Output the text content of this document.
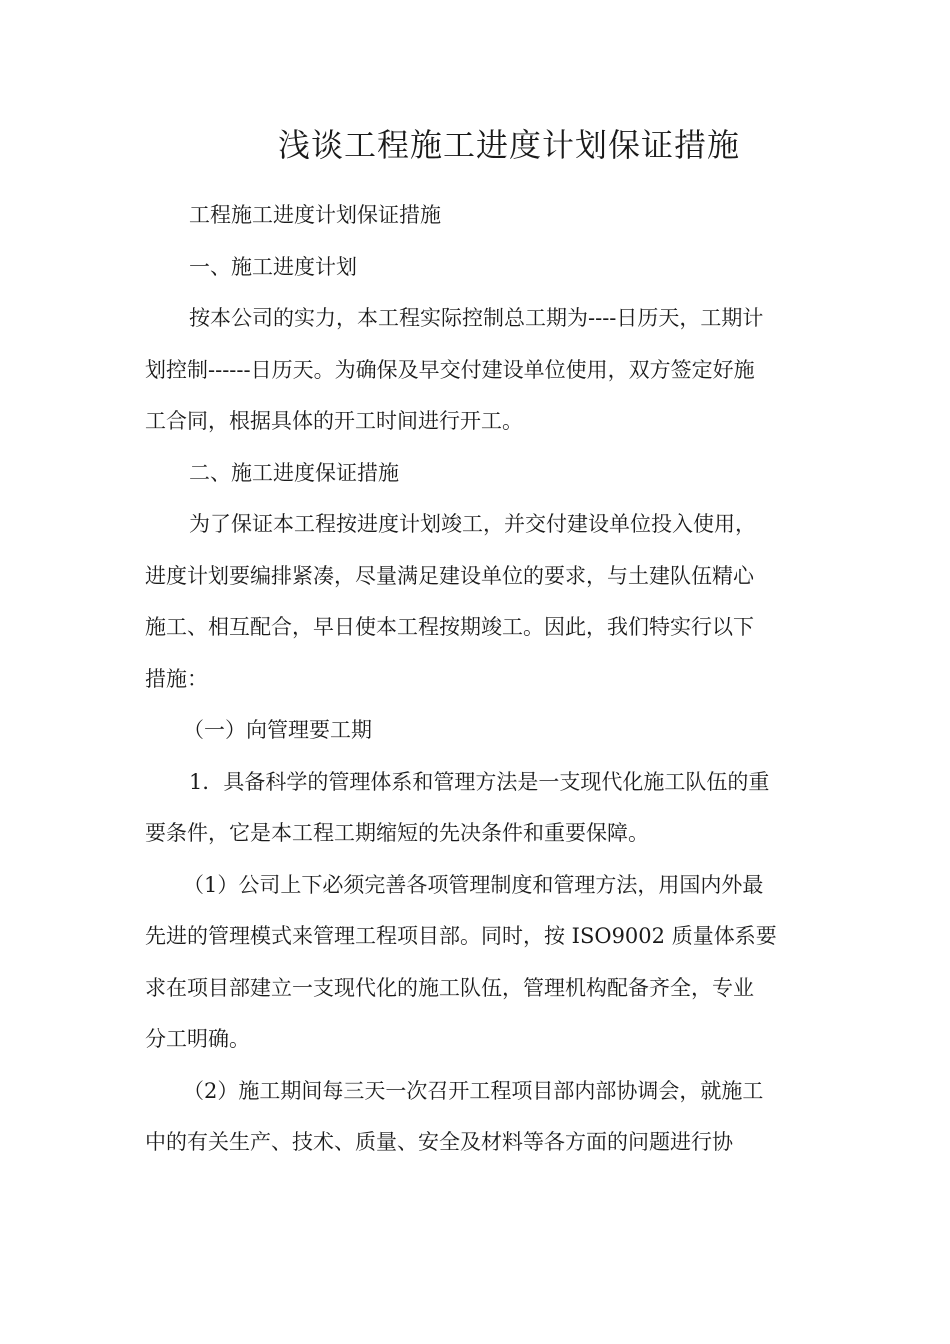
浅谈工程施工进度计划保证措施
工程施工进度计划保证措施
一、施工进度计划
按本公司的实力，本工程实际控制总工期为----日历天，工期计
划控制------日历天。为确保及早交付建设单位使用，双方签定好施
工合同，根据具体的开工时间进行开工。
二、施工进度保证措施
为了保证本工程按进度计划竣工，并交付建设单位投入使用，
进度计划要编排紧凑，尽量满足建设单位的要求，与土建队伍精心
施工、相互配合，早日使本工程按期竣工。因此，我们特实行以下
措施：
（一）向管理要工期
1．具备科学的管理体系和管理方法是一支现代化施工队伍的重
要条件，它是本工程工期缩短的先决条件和重要保障。
（1）公司上下必须完善各项管理制度和管理方法，用国内外最
先进的管理模式来管理工程项目部。同时，按 ISO9002 质量体系要
求在项目部建立一支现代化的施工队伍，管理机构配备齐全，专业
分工明确。
（2）施工期间每三天一次召开工程项目部内部协调会，就施工
中的有关生产、技术、质量、安全及材料等各方面的问题进行协
